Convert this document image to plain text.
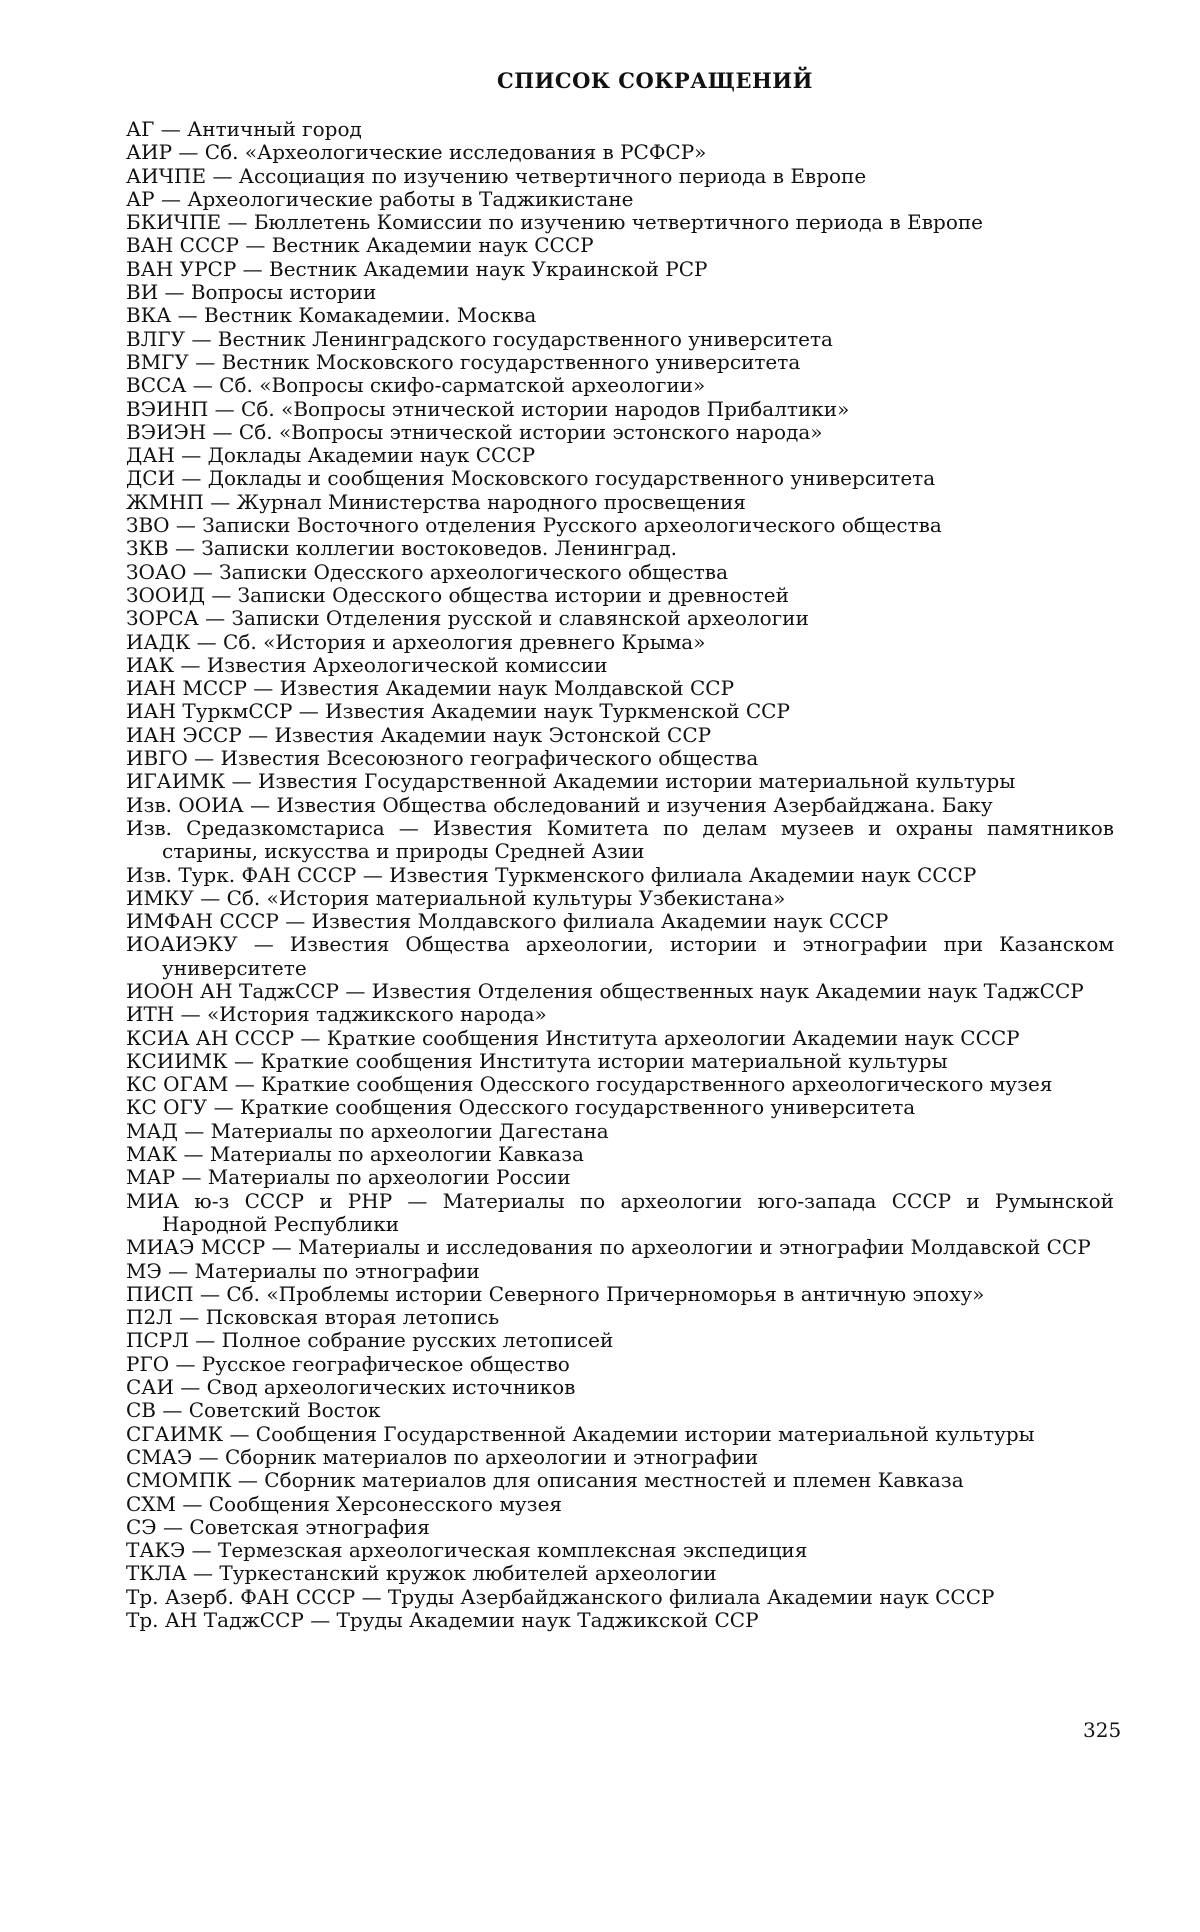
СПИСОК СОКРАЩЕНИЙ
АГ — Античный город
АИР — Сб. «Археологические исследования в РСФСР»
АИЧПЕ — Ассоциация по изучению четвертичного периода в Европе
АР — Археологические работы в Таджикистане
БКИЧПЕ — Бюллетень Комиссии по изучению четвертичного периода в Европе
ВАН СССР — Вестник Академии наук СССР
ВАН УРСР — Вестник Академии наук Украинской РСР
ВИ — Вопросы истории
ВКА — Вестник Комакадемии. Москва
ВЛГУ — Вестник Ленинградского государственного университета
ВМГУ — Вестник Московского государственного университета
ВССА — Сб. «Вопросы скифо-сарматской археологии»
ВЭИНП — Сб. «Вопросы этнической истории народов Прибалтики»
ВЭИЭН — Сб. «Вопросы этнической истории эстонского народа»
ДАН — Доклады Академии наук СССР
ДСИ — Доклады и сообщения Московского государственного университета
ЖМНП — Журнал Министерства народного просвещения
ЗВО — Записки Восточного отделения Русского археологического общества
ЗКВ — Записки коллегии востоковедов. Ленинград.
ЗОАО — Записки Одесского археологического общества
ЗООИД — Записки Одесского общества истории и древностей
ЗОРСА — Записки Отделения русской и славянской археологии
ИАДК — Сб. «История и археология древнего Крыма»
ИАК — Известия Археологической комиссии
ИАН МССР — Известия Академии наук Молдавской ССР
ИАН ТуркмССР — Известия Академии наук Туркменской ССР
ИАН ЭССР — Известия Академии наук Эстонской ССР
ИВГО — Известия Всесоюзного географического общества
ИГАИМК — Известия Государственной Академии истории материальной культуры
Изв. ООИА — Известия Общества обследований и изучения Азербайджана. Баку
Изв. Средазкомстариса — Известия Комитета по делам музеев и охраны памятников старины, искусства и природы Средней Азии
Изв. Турк. ФАН СССР — Известия Туркменского филиала Академии наук СССР
ИМКУ — Сб. «История материальной культуры Узбекистана»
ИМФАН СССР — Известия Молдавского филиала Академии наук СССР
ИОАИЭКУ — Известия Общества археологии, истории и этнографии при Казанском университете
ИООН АН ТаджССР — Известия Отделения общественных наук Академии наук ТаджССР
ИТН — «История таджикского народа»
КСИА АН СССР — Краткие сообщения Института археологии Академии наук СССР
КСИИМК — Краткие сообщения Института истории материальной культуры
КС ОГАМ — Краткие сообщения Одесского государственного археологического музея
КС ОГУ — Краткие сообщения Одесского государственного университета
МАД — Материалы по археологии Дагестана
МАК — Материалы по археологии Кавказа
МАР — Материалы по археологии России
МИА ю-з СССР и РНР — Материалы по археологии юго-запада СССР и Румынской Народной Республики
МИАЭ МССР — Материалы и исследования по археологии и этнографии Молдавской ССР
МЭ — Материалы по этнографии
ПИСП — Сб. «Проблемы истории Северного Причерноморья в античную эпоху»
П2Л — Псковская вторая летопись
ПСРЛ — Полное собрание русских летописей
РГО — Русское географическое общество
САИ — Свод археологических источников
СВ — Советский Восток
СГАИМК — Сообщения Государственной Академии истории материальной культуры
СМАЭ — Сборник материалов по археологии и этнографии
СМОМПК — Сборник материалов для описания местностей и племен Кавказа
СХМ — Сообщения Херсонесского музея
СЭ — Советская этнография
ТАКЭ — Термезская археологическая комплексная экспедиция
ТКЛА — Туркестанский кружок любителей археологии
Тр. Азерб. ФАН СССР — Труды Азербайджанского филиала Академии наук СССР
Тр. АН ТаджССР — Труды Академии наук Таджикской ССР
325
